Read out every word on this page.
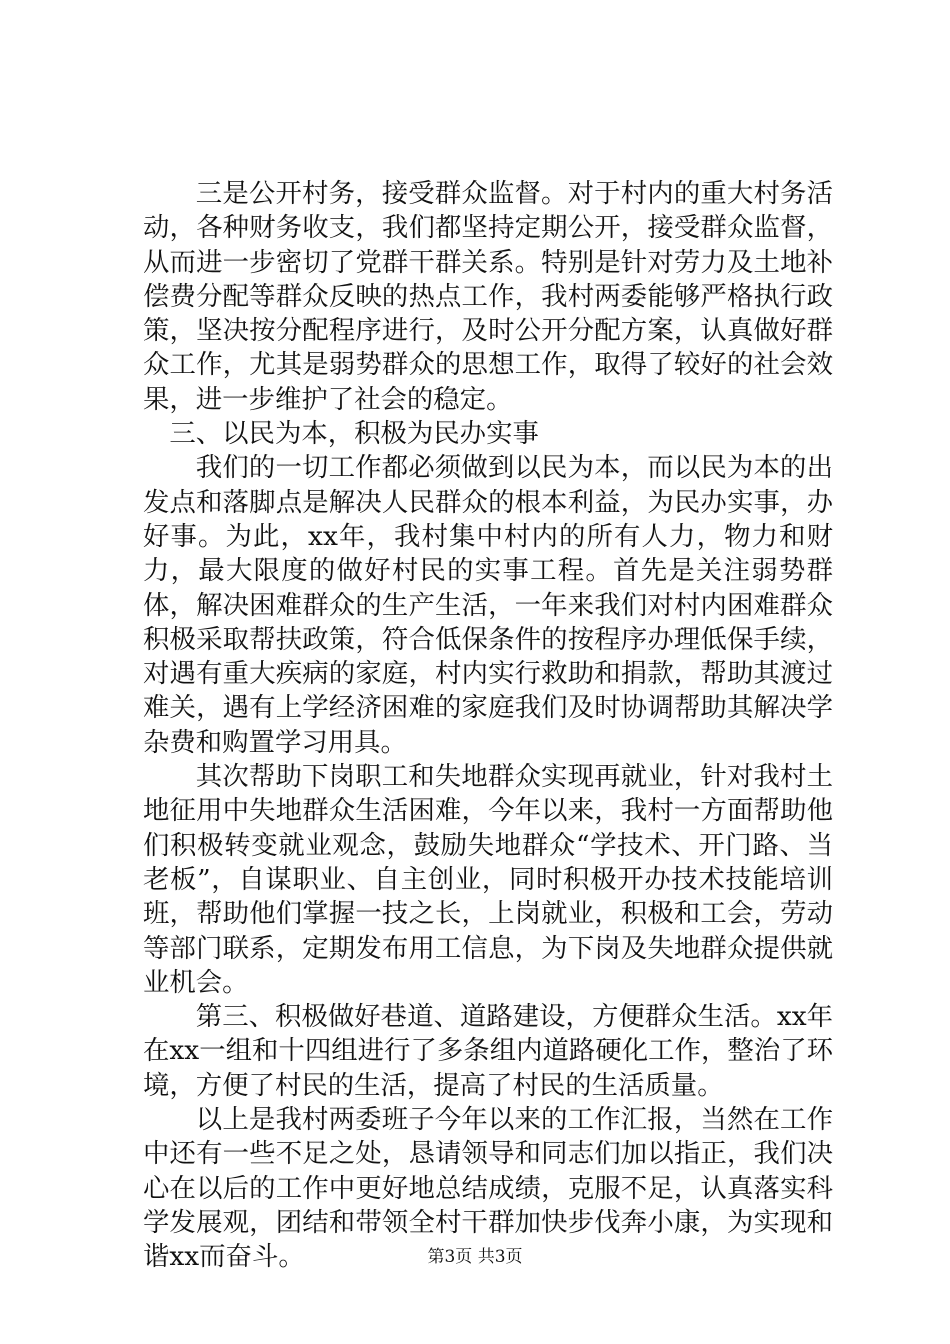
三是公开村务，接受群众监督。对于村内的重大村务活动，各种财务收支，我们都坚持定期公开，接受群众监督，从而进一步密切了党群干群关系。特别是针对劳力及土地补偿费分配等群众反映的热点工作，我村两委能够严格执行政策，坚决按分配程序进行，及时公开分配方案，认真做好群众工作，尤其是弱势群众的思想工作，取得了较好的社会效果，进一步维护了社会的稳定。

三、以民为本，积极为民办实事

我们的一切工作都必须做到以民为本，而以民为本的出发点和落脚点是解决人民群众的根本利益，为民办实事，办好事。为此，xx年，我村集中村内的所有人力，物力和财力，最大限度的做好村民的实事工程。首先是关注弱势群体，解决困难群众的生产生活，一年来我们对村内困难群众积极采取帮扶政策，符合低保条件的按程序办理低保手续，对遇有重大疾病的家庭，村内实行救助和捐款，帮助其渡过难关，遇有上学经济困难的家庭我们及时协调帮助其解决学杂费和购置学习用具。

其次帮助下岗职工和失地群众实现再就业，针对我村土地征用中失地群众生活困难，今年以来，我村一方面帮助他们积极转变就业观念，鼓励失地群众“学技术、开门路、当老板”，自谋职业、自主创业，同时积极开办技术技能培训班，帮助他们掌握一技之长，上岗就业，积极和工会，劳动等部门联系，定期发布用工信息，为下岗及失地群众提供就业机会。

第三、积极做好巷道、道路建设，方便群众生活。xx年在xx一组和十四组进行了多条组内道路硬化工作，整治了环境，方便了村民的生活，提高了村民的生活质量。

以上是我村两委班子今年以来的工作汇报，当然在工作中还有一些不足之处，恳请领导和同志们加以指正，我们决心在以后的工作中更好地总结成绩，克服不足，认真落实科学发展观，团结和带领全村干群加快步伐奔小康，为实现和谐xx而奋斗。	第3页 共3页
